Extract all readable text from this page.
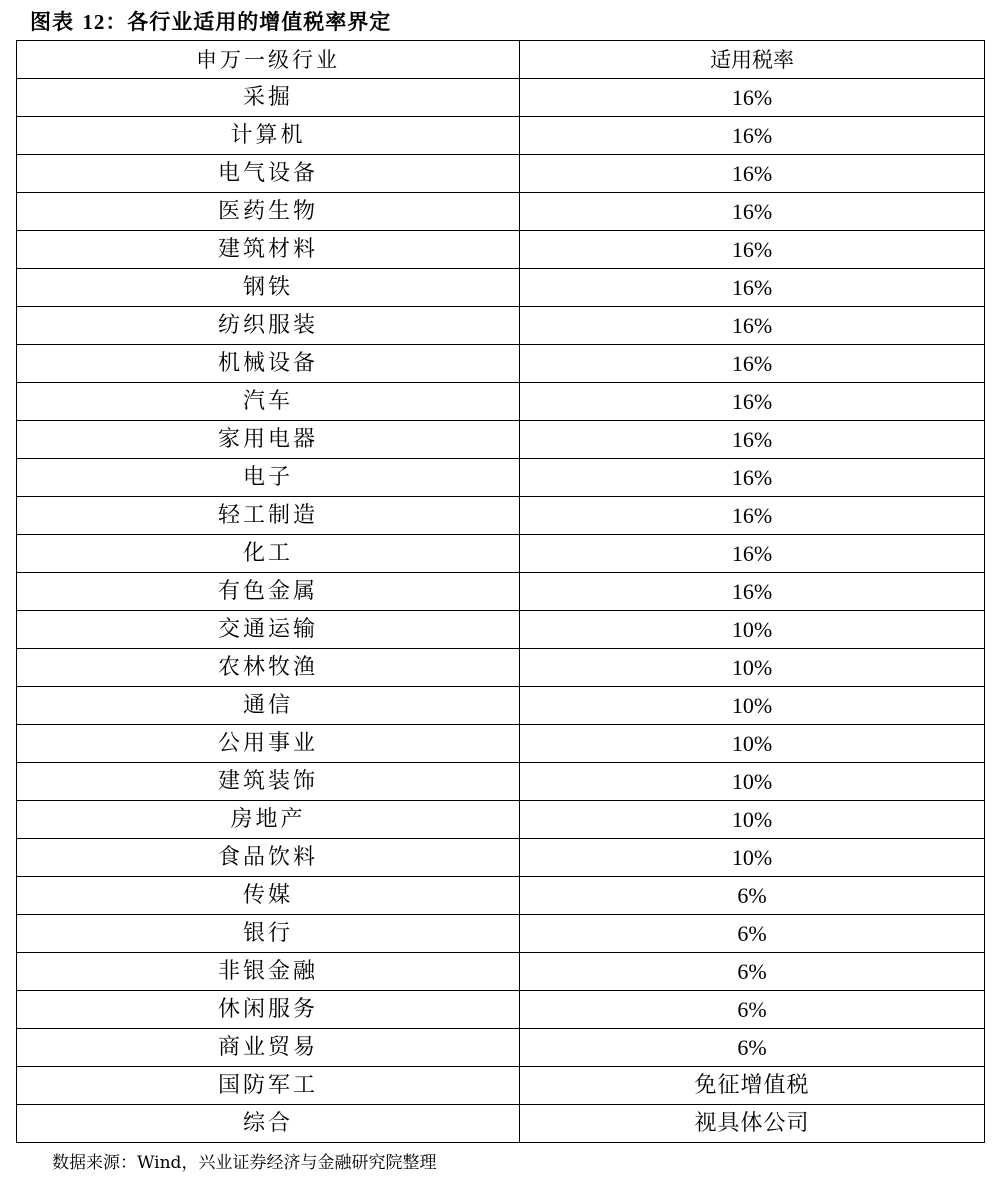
图表 12：各行业适用的增值税率界定
申万一级行业	适用税率
采掘	16%
计算机	16%
电气设备	16%
医药生物	16%
建筑材料	16%
钢铁	16%
纺织服装	16%
机械设备	16%
汽车	16%
家用电器	16%
电子	16%
轻工制造	16%
化工	16%
有色金属	16%
交通运输	10%
农林牧渔	10%
通信	10%
公用事业	10%
建筑装饰	10%
房地产	10%
食品饮料	10%
传媒	6%
银行	6%
非银金融	6%
休闲服务	6%
商业贸易	6%
国防军工	免征增值税
综合	视具体公司
数据来源：Wind，兴业证券经济与金融研究院整理
